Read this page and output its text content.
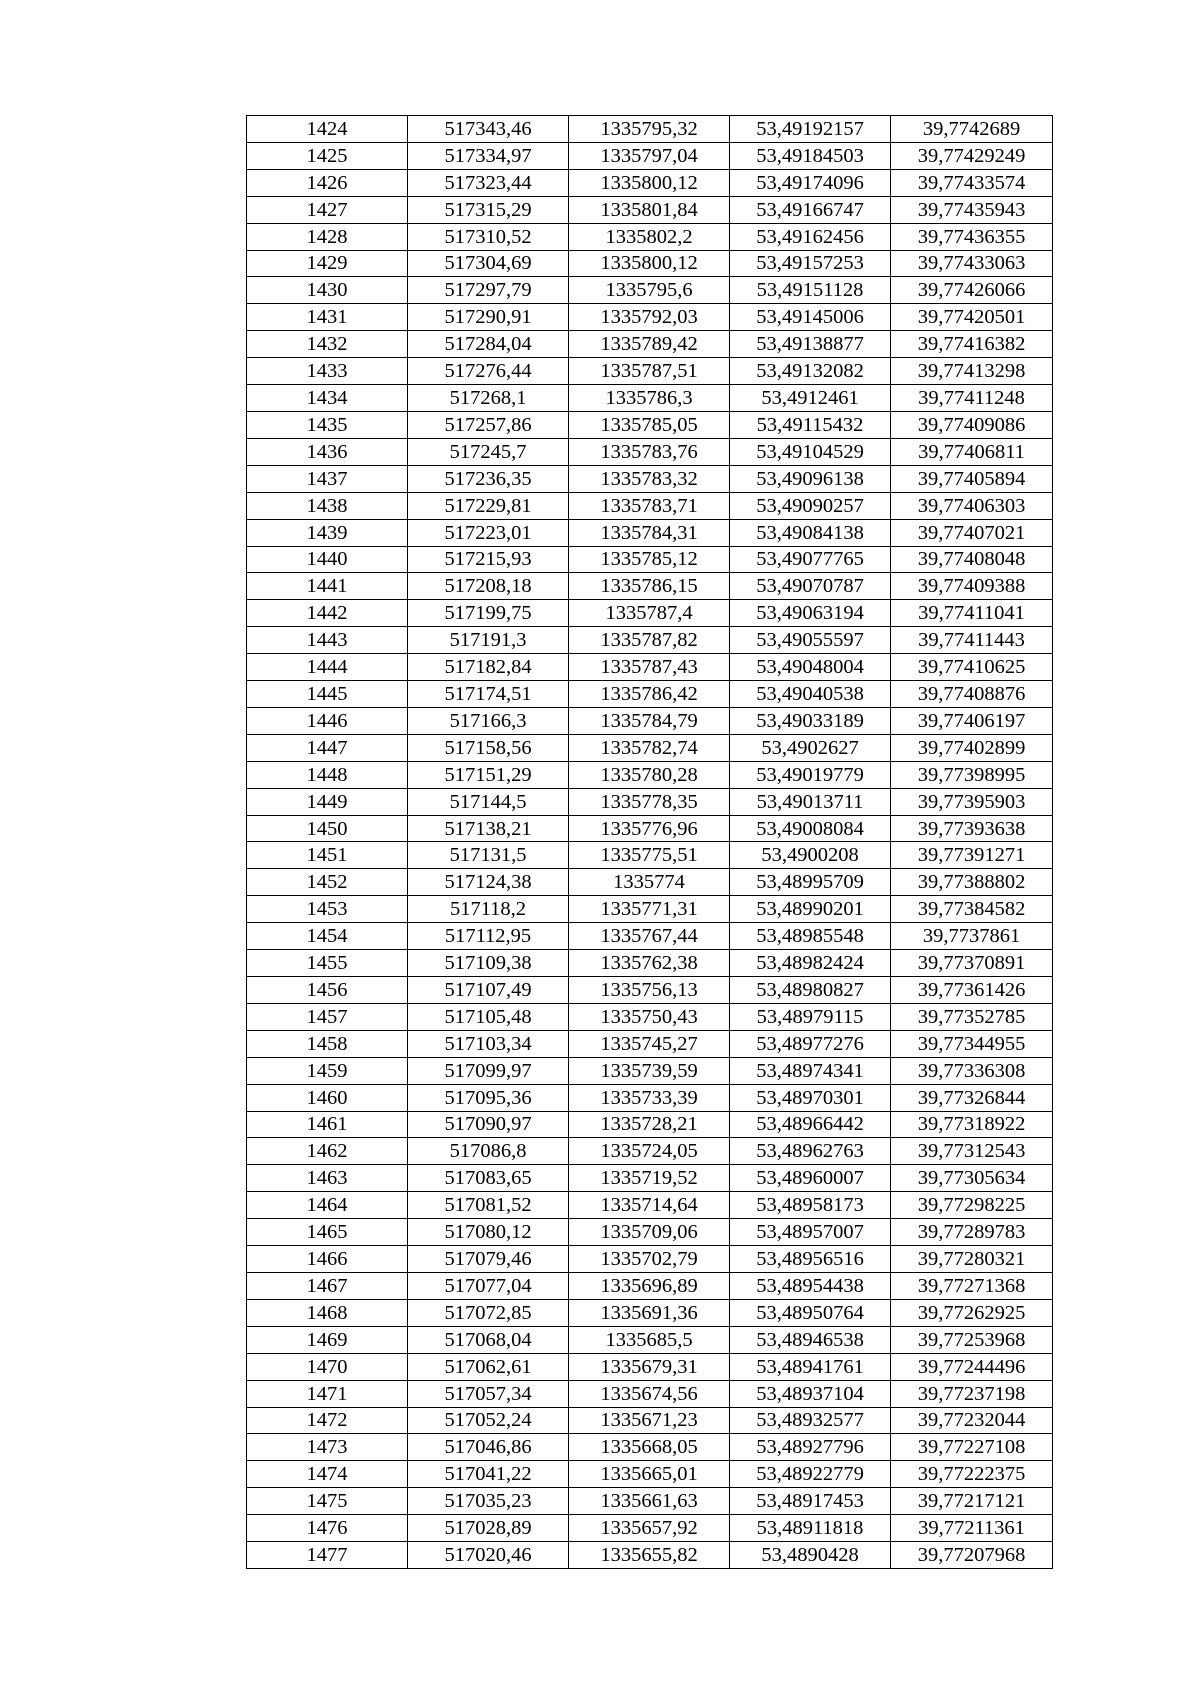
1424	517343,46	1335795,32	53,49192157	39,7742689
1425	517334,97	1335797,04	53,49184503	39,77429249
1426	517323,44	1335800,12	53,49174096	39,77433574
1427	517315,29	1335801,84	53,49166747	39,77435943
1428	517310,52	1335802,2	53,49162456	39,77436355
1429	517304,69	1335800,12	53,49157253	39,77433063
1430	517297,79	1335795,6	53,49151128	39,77426066
1431	517290,91	1335792,03	53,49145006	39,77420501
1432	517284,04	1335789,42	53,49138877	39,77416382
1433	517276,44	1335787,51	53,49132082	39,77413298
1434	517268,1	1335786,3	53,4912461	39,77411248
1435	517257,86	1335785,05	53,49115432	39,77409086
1436	517245,7	1335783,76	53,49104529	39,77406811
1437	517236,35	1335783,32	53,49096138	39,77405894
1438	517229,81	1335783,71	53,49090257	39,77406303
1439	517223,01	1335784,31	53,49084138	39,77407021
1440	517215,93	1335785,12	53,49077765	39,77408048
1441	517208,18	1335786,15	53,49070787	39,77409388
1442	517199,75	1335787,4	53,49063194	39,77411041
1443	517191,3	1335787,82	53,49055597	39,77411443
1444	517182,84	1335787,43	53,49048004	39,77410625
1445	517174,51	1335786,42	53,49040538	39,77408876
1446	517166,3	1335784,79	53,49033189	39,77406197
1447	517158,56	1335782,74	53,4902627	39,77402899
1448	517151,29	1335780,28	53,49019779	39,77398995
1449	517144,5	1335778,35	53,49013711	39,77395903
1450	517138,21	1335776,96	53,49008084	39,77393638
1451	517131,5	1335775,51	53,4900208	39,77391271
1452	517124,38	1335774	53,48995709	39,77388802
1453	517118,2	1335771,31	53,48990201	39,77384582
1454	517112,95	1335767,44	53,48985548	39,7737861
1455	517109,38	1335762,38	53,48982424	39,77370891
1456	517107,49	1335756,13	53,48980827	39,77361426
1457	517105,48	1335750,43	53,48979115	39,77352785
1458	517103,34	1335745,27	53,48977276	39,77344955
1459	517099,97	1335739,59	53,48974341	39,77336308
1460	517095,36	1335733,39	53,48970301	39,77326844
1461	517090,97	1335728,21	53,48966442	39,77318922
1462	517086,8	1335724,05	53,48962763	39,77312543
1463	517083,65	1335719,52	53,48960007	39,77305634
1464	517081,52	1335714,64	53,48958173	39,77298225
1465	517080,12	1335709,06	53,48957007	39,77289783
1466	517079,46	1335702,79	53,48956516	39,77280321
1467	517077,04	1335696,89	53,48954438	39,77271368
1468	517072,85	1335691,36	53,48950764	39,77262925
1469	517068,04	1335685,5	53,48946538	39,77253968
1470	517062,61	1335679,31	53,48941761	39,77244496
1471	517057,34	1335674,56	53,48937104	39,77237198
1472	517052,24	1335671,23	53,48932577	39,77232044
1473	517046,86	1335668,05	53,48927796	39,77227108
1474	517041,22	1335665,01	53,48922779	39,77222375
1475	517035,23	1335661,63	53,48917453	39,77217121
1476	517028,89	1335657,92	53,48911818	39,77211361
1477	517020,46	1335655,82	53,4890428	39,77207968
